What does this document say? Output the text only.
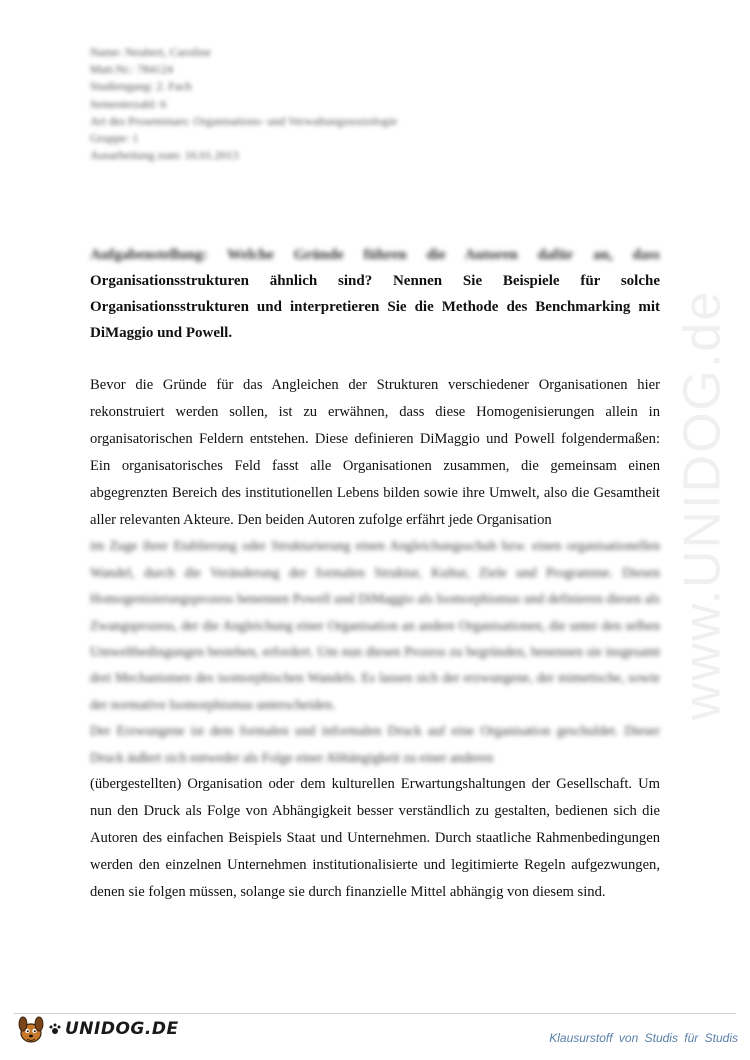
Name: Neubert, Caroline
Matr.Nr.: 784124
Studiengang: 2. Fach
Semesterzahl: 6
Art des Proseminars: Organisations- und Verwaltungssoziologie
Gruppe: 1
Ausarbeitung zum: 16.01.2013
Aufgabenstellung: Welche Gründe führen die Autoren dafür an, dass
Organisationsstrukturen ähnlich sind? Nennen Sie Beispiele für solche Organisationsstrukturen und interpretieren Sie die Methode des Benchmarking mit DiMaggio und Powell.

Bevor die Gründe für das Angleichen der Strukturen verschiedener Organisationen hier rekonstruiert werden sollen, ist zu erwähnen, dass diese Homogenisierungen allein in organisatorischen Feldern entstehen. Diese definieren DiMaggio und Powell folgendermaßen: Ein organisatorisches Feld fasst alle Organisationen zusammen, die gemeinsam einen abgegrenzten Bereich des institutionellen Lebens bilden sowie ihre Umwelt, also die Gesamtheit aller relevanten Akteure. Den beiden Autoren zufolge erfährt jede Organisation

im Zuge ihrer Etablierung oder Strukturierung einen Angleichungsschub bzw. einen organisationellen Wandel, durch die Veränderung der formalen Struktur, Kultur, Ziele und Programme. Diesen Homogenisierungsprozess benennen Powell und DiMaggio als Isomorphismus und definieren diesen als Zwangsprozess, der die Angleichung einer Organisation an andere Organisationen, die unter den selben Umweltbedingungen bestehen, erfordert. Um nun diesen Prozess zu begründen, benennen sie insgesamt drei Mechanismen des isomorphischen Wandels. Es lassen sich der erzwungene, der mimetische, sowie der normative Isomorphismus unterscheiden.

Der Erzwungene ist dem formalen und informalen Druck auf eine Organisation geschuldet. Dieser Druck äußert sich entweder als Folge einer Abhängigkeit zu einer anderen

(übergestellten) Organisation oder dem kulturellen Erwartungshaltungen der Gesellschaft. Um nun den Druck als Folge von Abhängigkeit besser verständlich zu gestalten, bedienen sich die Autoren des einfachen Beispiels Staat und Unternehmen. Durch staatliche Rahmenbedingungen werden den einzelnen Unternehmen institutionalisierte und legitimierte Regeln aufgezwungen, denen sie folgen müssen, solange sie durch finanzielle Mittel abhängig von diesem sind.

www.UNIDOG.de
UNIDOG.DE	Klausurstoff von Studis für Studis
